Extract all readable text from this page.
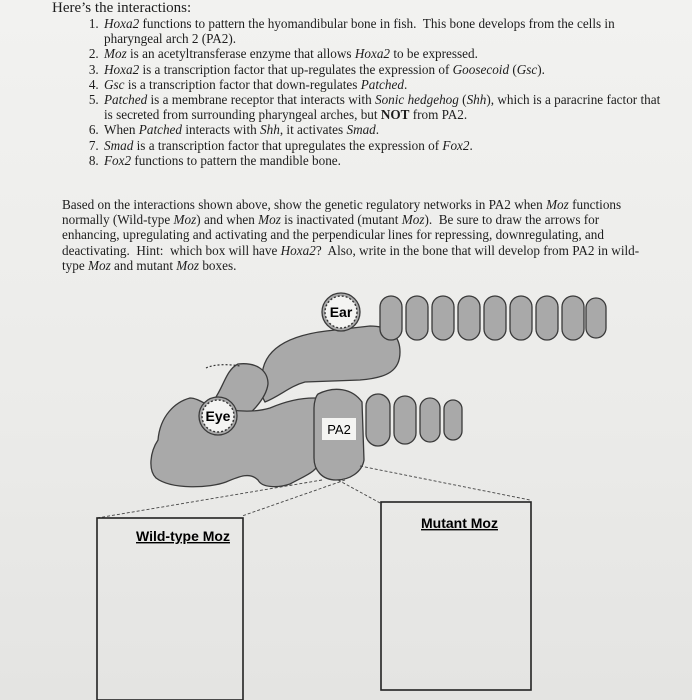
Here’s the interactions:
1. Hoxa2 functions to pattern the hyomandibular bone in fish.  This bone develops from the cells in pharyngeal arch 2 (PA2).
2. Moz is an acetyltransferase enzyme that allows Hoxa2 to be expressed.
3. Hoxa2 is a transcription factor that up-regulates the expression of Goosecoid (Gsc).
4. Gsc is a transcription factor that down-regulates Patched.
5. Patched is a membrane receptor that interacts with Sonic hedgehog (Shh), which is a paracrine factor that is secreted from surrounding pharyngeal arches, but NOT from PA2.
6. When Patched interacts with Shh, it activates Smad.
7. Smad is a transcription factor that upregulates the expression of Fox2.
8. Fox2 functions to pattern the mandible bone.

Based on the interactions shown above, show the genetic regulatory networks in PA2 when Moz functions normally (Wild-type Moz) and when Moz is inactivated (mutant Moz).  Be sure to draw the arrows for enhancing, upregulating and activating and the perpendicular lines for repressing, downregulating, and deactivating.  Hint:  which box will have Hoxa2?  Also, write in the bone that will develop from PA2 in wild-type Moz and mutant Moz boxes.

Ear
Eye
PA2
Wild-type Moz
Mutant Moz
